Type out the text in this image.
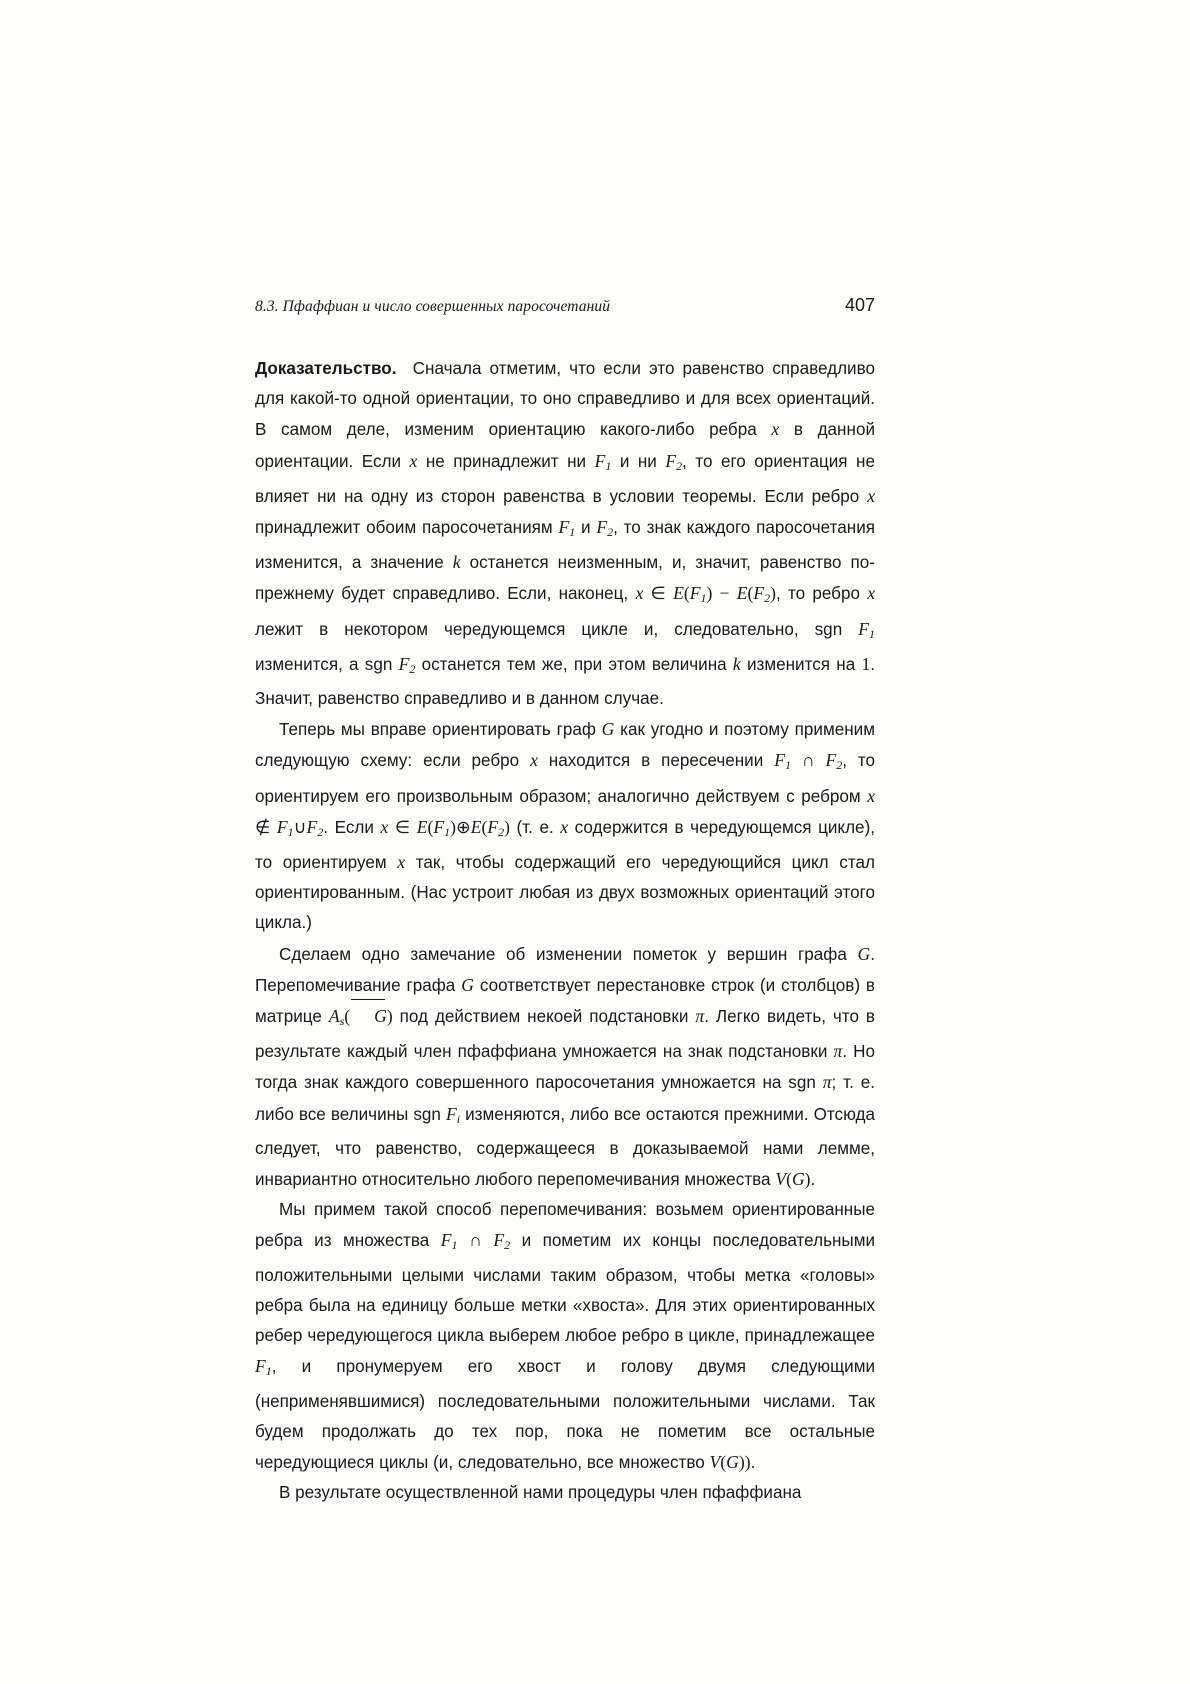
8.3. Пфаффиан и число совершенных паросочетаний	407

Доказательство.  Сначала отметим, что если это равенство справедливо для какой-то одной ориентации, то оно справедливо и для всех ориентаций. В самом деле, изменим ориентацию какого-либо ребра x в данной ориентации. Если x не принадлежит ни $F_1$ и ни $F_2$, то его ориентация не влияет ни на одну из сторон равенства в условии теоремы. Если ребро x принадлежит обоим паросочетаниям $F_1$ и $F_2$, то знак каждого паросочетания изменится, а значение k останется неизменным, и, значит, равенство по-прежнему будет справедливо. Если, наконец, x ∈ $E(F_1) - E(F_2)$, то ребро x лежит в некотором чередующемся цикле и, следовательно, sgn $F_1$ изменится, а sgn $F_2$ останется тем же, при этом величина k изменится на 1. Значит, равенство справедливо и в данном случае.

Теперь мы вправе ориентировать граф G как угодно и поэтому применим следующую схему: если ребро x находится в пересечении $F_1$ ∩ $F_2$, то ориентируем его произвольным образом; аналогично действуем с ребром x ∉ $F_1\cup F_2$. Если x ∈ $E(F_1)\oplus E(F_2)$ (т. е. x содержится в чередующемся цикле), то ориентируем x так, чтобы содержащий его чередующийся цикл стал ориентированным. (Нас устроит любая из двух возможных ориентаций этого цикла.)

Сделаем одно замечание об изменении пометок у вершин графа G. Перепомечивание графа G соответствует перестановке строк (и столбцов) в матрице $A_s$( G) под действием некоей подстановки π. Легко видеть, что в результате каждый член пфаффиана умножается на знак подстановки π. Но тогда знак каждого совершенного паросочетания умножается на sgn π; т. е. либо все величины sgn $F_i$ изменяются, либо все остаются прежними. Отсюда следует, что равенство, содержащееся в доказываемой нами лемме, инвариантно относительно любого перепомечивания множества V(G).

Мы примем такой способ перепомечивания: возьмем ориентированные ребра из множества $F_1$ ∩ $F_2$ и пометим их концы последовательными положительными целыми числами таким образом, чтобы метка «головы» ребра была на единицу больше метки «хвоста». Для этих ориентированных ребер чередующегося цикла выберем любое ребро в цикле, принадлежащее $F_1$, и пронумеруем его хвост и голову двумя следующими (неприменявшимися) последовательными положительными числами. Так будем продолжать до тех пор, пока не пометим все остальные чередующиеся циклы (и, следовательно, все множество V(G)).

В результате осуществленной нами процедуры член пфаффиана
